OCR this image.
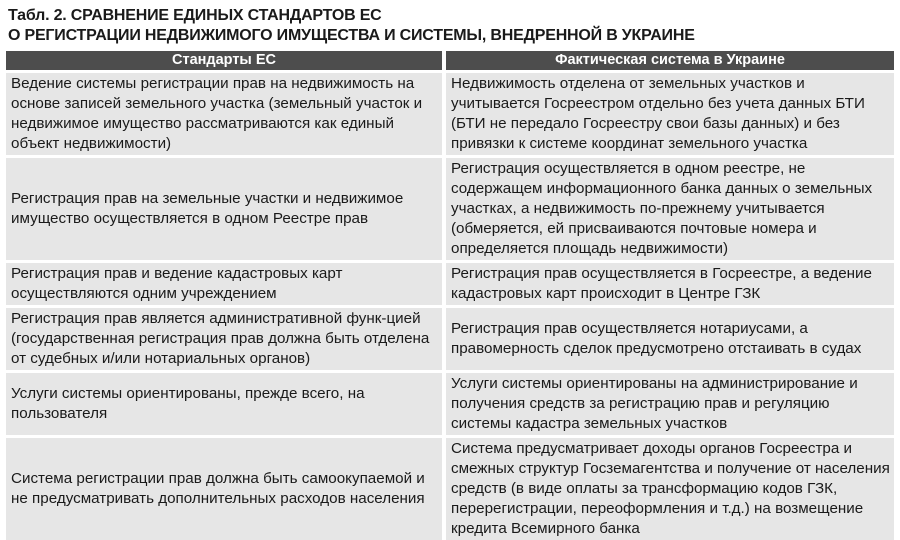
Табл. 2. СРАВНЕНИЕ ЕДИНЫХ СТАНДАРТОВ ЕС
О РЕГИСТРАЦИИ НЕДВИЖИМОГО ИМУЩЕСТВА И СИСТЕМЫ, ВНЕДРЕННОЙ В УКРАИНЕ
Стандарты ЕС	Фактическая система в Украине
Ведение системы регистрации прав на недвижимость на основе записей земельного участка (земельный участок и недвижимое имущество рассматриваются как единый объект недвижимости)	Недвижимость отделена от земельных участков и учитывается Госреестром отдельно без учета данных БТИ (БТИ не передало Госреестру свои базы данных) и без привязки к системе координат земельного участка
Регистрация прав на земельные участки и недвижимое имущество осуществляется в одном Реестре прав	Регистрация осуществляется в одном реестре, не содержащем информационного банка данных о земельных участках, а недвижимость по-прежнему учитывается (обмеряется, ей присваиваются почтовые номера и определяется площадь недвижимости)
Регистрация прав и ведение кадастровых карт осуществляются одним учреждением	Регистрация прав осуществляется в Госреестре, а ведение кадастровых карт происходит в Центре ГЗК
Регистрация прав является административной функ-цией (государственная регистрация прав должна быть отделена от судебных и/или нотариальных органов)	Регистрация прав осуществляется нотариусами, а правомерность сделок предусмотрено отстаивать в судах
Услуги системы ориентированы, прежде всего, на пользователя	Услуги системы ориентированы на администрирование и получения средств за регистрацию прав и регуляцию системы кадастра земельных участков
Система регистрации прав должна быть самоокупаемой и не предусматривать дополнительных расходов населения	Система предусматривает доходы органов Госреестра и смежных структур Госземагентства и получение от населения средств (в виде оплаты за трансформацию кодов ГЗК, перерегистрации, переоформления и т.д.) на возмещение кредита Всемирного банка
